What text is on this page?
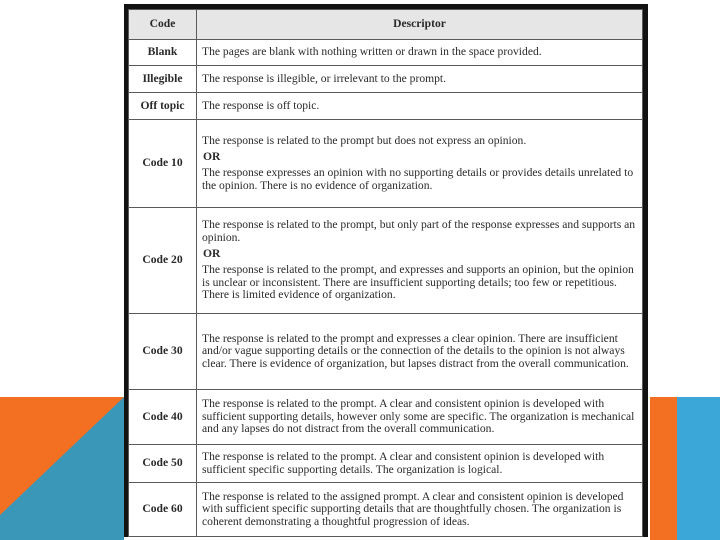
Code	Descriptor
Blank	The pages are blank with nothing written or drawn in the space provided.

Illegible	The response is illegible, or irrelevant to the prompt.

Off topic	The response is off topic.

Code 10	The response is related to the prompt but does not express an opinion.

OR

The response expresses an opinion with no supporting details or provides details unrelated to the opinion. There is no evidence of organization.

Code 20	The response is related to the prompt, but only part of the response expresses and supports an opinion.

OR

The response is related to the prompt, and expresses and supports an opinion, but the opinion is unclear or inconsistent. There are insufficient supporting details; too few or repetitious. There is limited evidence of organization.

Code 30	The response is related to the prompt and expresses a clear opinion. There are insufficient and/or vague supporting details or the connection of the details to the opinion is not always clear. There is evidence of organization, but lapses distract from the overall communication.

Code 40	The response is related to the prompt. A clear and consistent opinion is developed with sufficient supporting details, however only some are specific. The organization is mechanical and any lapses do not distract from the overall communication.

Code 50	The response is related to the prompt. A clear and consistent opinion is developed with sufficient specific supporting details. The organization is logical.

Code 60	The response is related to the assigned prompt. A clear and consistent opinion is developed with sufficient specific supporting details that are thoughtfully chosen. The organization is coherent demonstrating a thoughtful progression of ideas.
